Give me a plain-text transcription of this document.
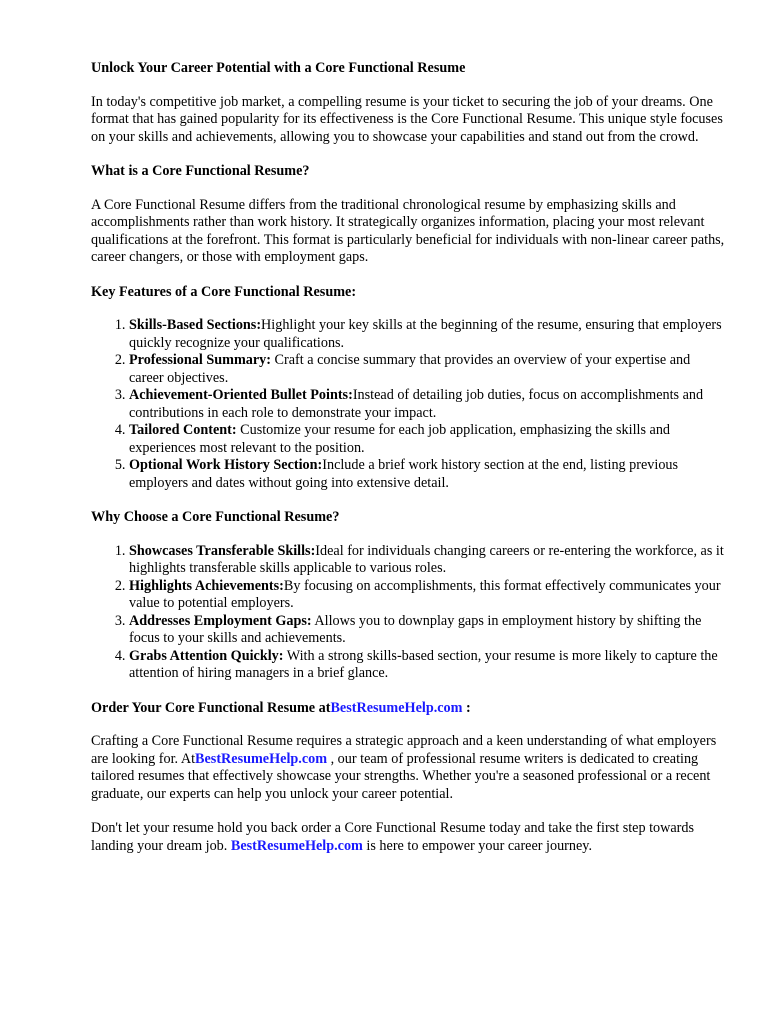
Unlock Your Career Potential with a Core Functional Resume

In today's competitive job market, a compelling resume is your ticket to securing the job of your dreams. One format that has gained popularity for its effectiveness is the Core Functional Resume. This unique style focuses on your skills and achievements, allowing you to showcase your capabilities and stand out from the crowd.

What is a Core Functional Resume?

A Core Functional Resume differs from the traditional chronological resume by emphasizing skills and accomplishments rather than work history. It strategically organizes information, placing your most relevant qualifications at the forefront. This format is particularly beneficial for individuals with non-linear career paths, career changers, or those with employment gaps.

Key Features of a Core Functional Resume:
1. Skills-Based Sections:Highlight your key skills at the beginning of the resume, ensuring that employers quickly recognize your qualifications.
2. Professional Summary: Craft a concise summary that provides an overview of your expertise and career objectives.
3. Achievement-Oriented Bullet Points:Instead of detailing job duties, focus on accomplishments and contributions in each role to demonstrate your impact.
4. Tailored Content: Customize your resume for each job application, emphasizing the skills and experiences most relevant to the position.
5. Optional Work History Section:Include a brief work history section at the end, listing previous employers and dates without going into extensive detail.
Why Choose a Core Functional Resume?
1. Showcases Transferable Skills:Ideal for individuals changing careers or re-entering the workforce, as it highlights transferable skills applicable to various roles.
2. Highlights Achievements:By focusing on accomplishments, this format effectively communicates your value to potential employers.
3. Addresses Employment Gaps: Allows you to downplay gaps in employment history by shifting the focus to your skills and achievements.
4. Grabs Attention Quickly: With a strong skills-based section, your resume is more likely to capture the attention of hiring managers in a brief glance.
Order Your Core Functional Resume atBestResumeHelp.com :

Crafting a Core Functional Resume requires a strategic approach and a keen understanding of what employers are looking for. AtBestResumeHelp.com , our team of professional resume writers is dedicated to creating tailored resumes that effectively showcase your strengths. Whether you're a seasoned professional or a recent graduate, our experts can help you unlock your career potential.

Don't let your resume hold you back order a Core Functional Resume today and take the first step towards landing your dream job. BestResumeHelp.com is here to empower your career journey.
